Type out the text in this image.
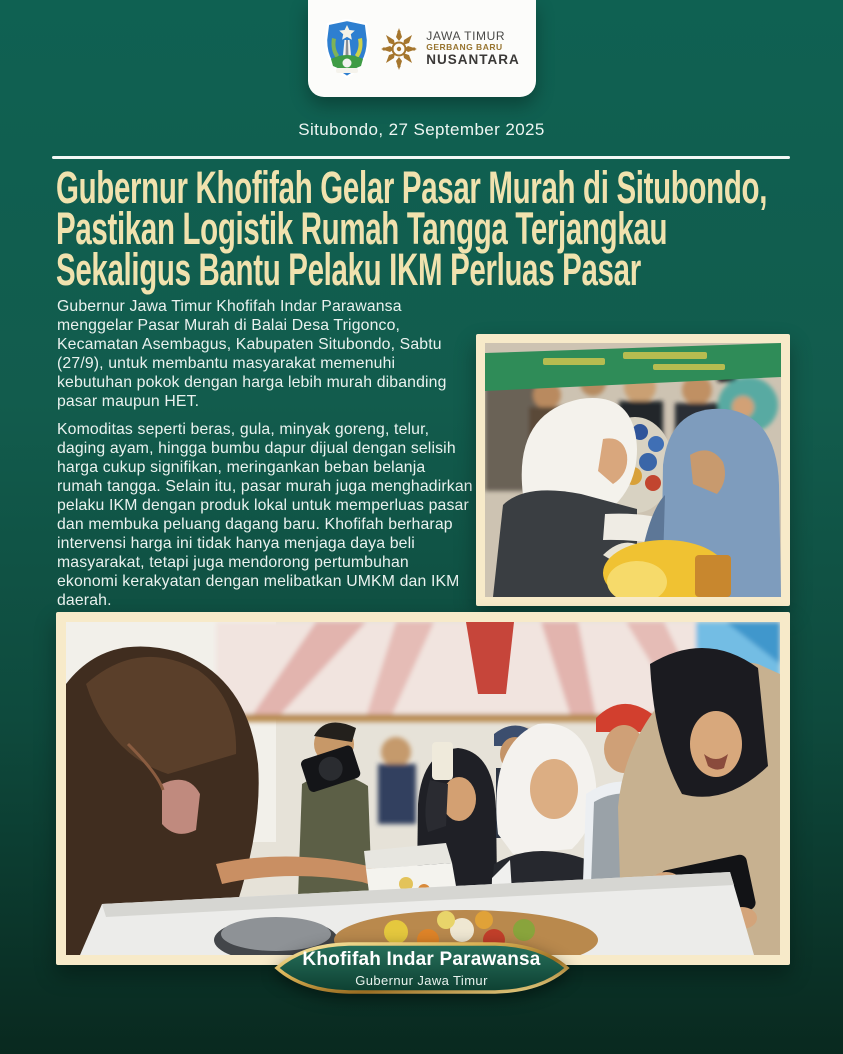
JAWA TIMUR
GERBANG BARU
NUSANTARA
Situbondo, 27 September 2025
Gubernur Khofifah Gelar Pasar Murah di Situbondo,
Pastikan Logistik Rumah Tangga Terjangkau
Sekaligus Bantu Pelaku IKM Perluas Pasar

Gubernur Jawa Timur Khofifah Indar Parawansa menggelar Pasar Murah di Balai Desa Trigonco, Kecamatan Asembagus, Kabupaten Situbondo, Sabtu (27/9), untuk membantu masyarakat memenuhi kebutuhan pokok dengan harga lebih murah dibanding pasar maupun HET.

Komoditas seperti beras, gula, minyak goreng, telur, daging ayam, hingga bumbu dapur dijual dengan selisih harga cukup signifikan, meringankan beban belanja rumah tangga. Selain itu, pasar murah juga menghadirkan pelaku IKM dengan produk lokal untuk memperluas pasar dan membuka peluang dagang baru. Khofifah berharap intervensi harga ini tidak hanya menjaga daya beli masyarakat, tetapi juga mendorong pertumbuhan ekonomi kerakyatan dengan melibatkan UMKM dan IKM daerah.

Khofifah Indar Parawansa
Gubernur Jawa Timur
